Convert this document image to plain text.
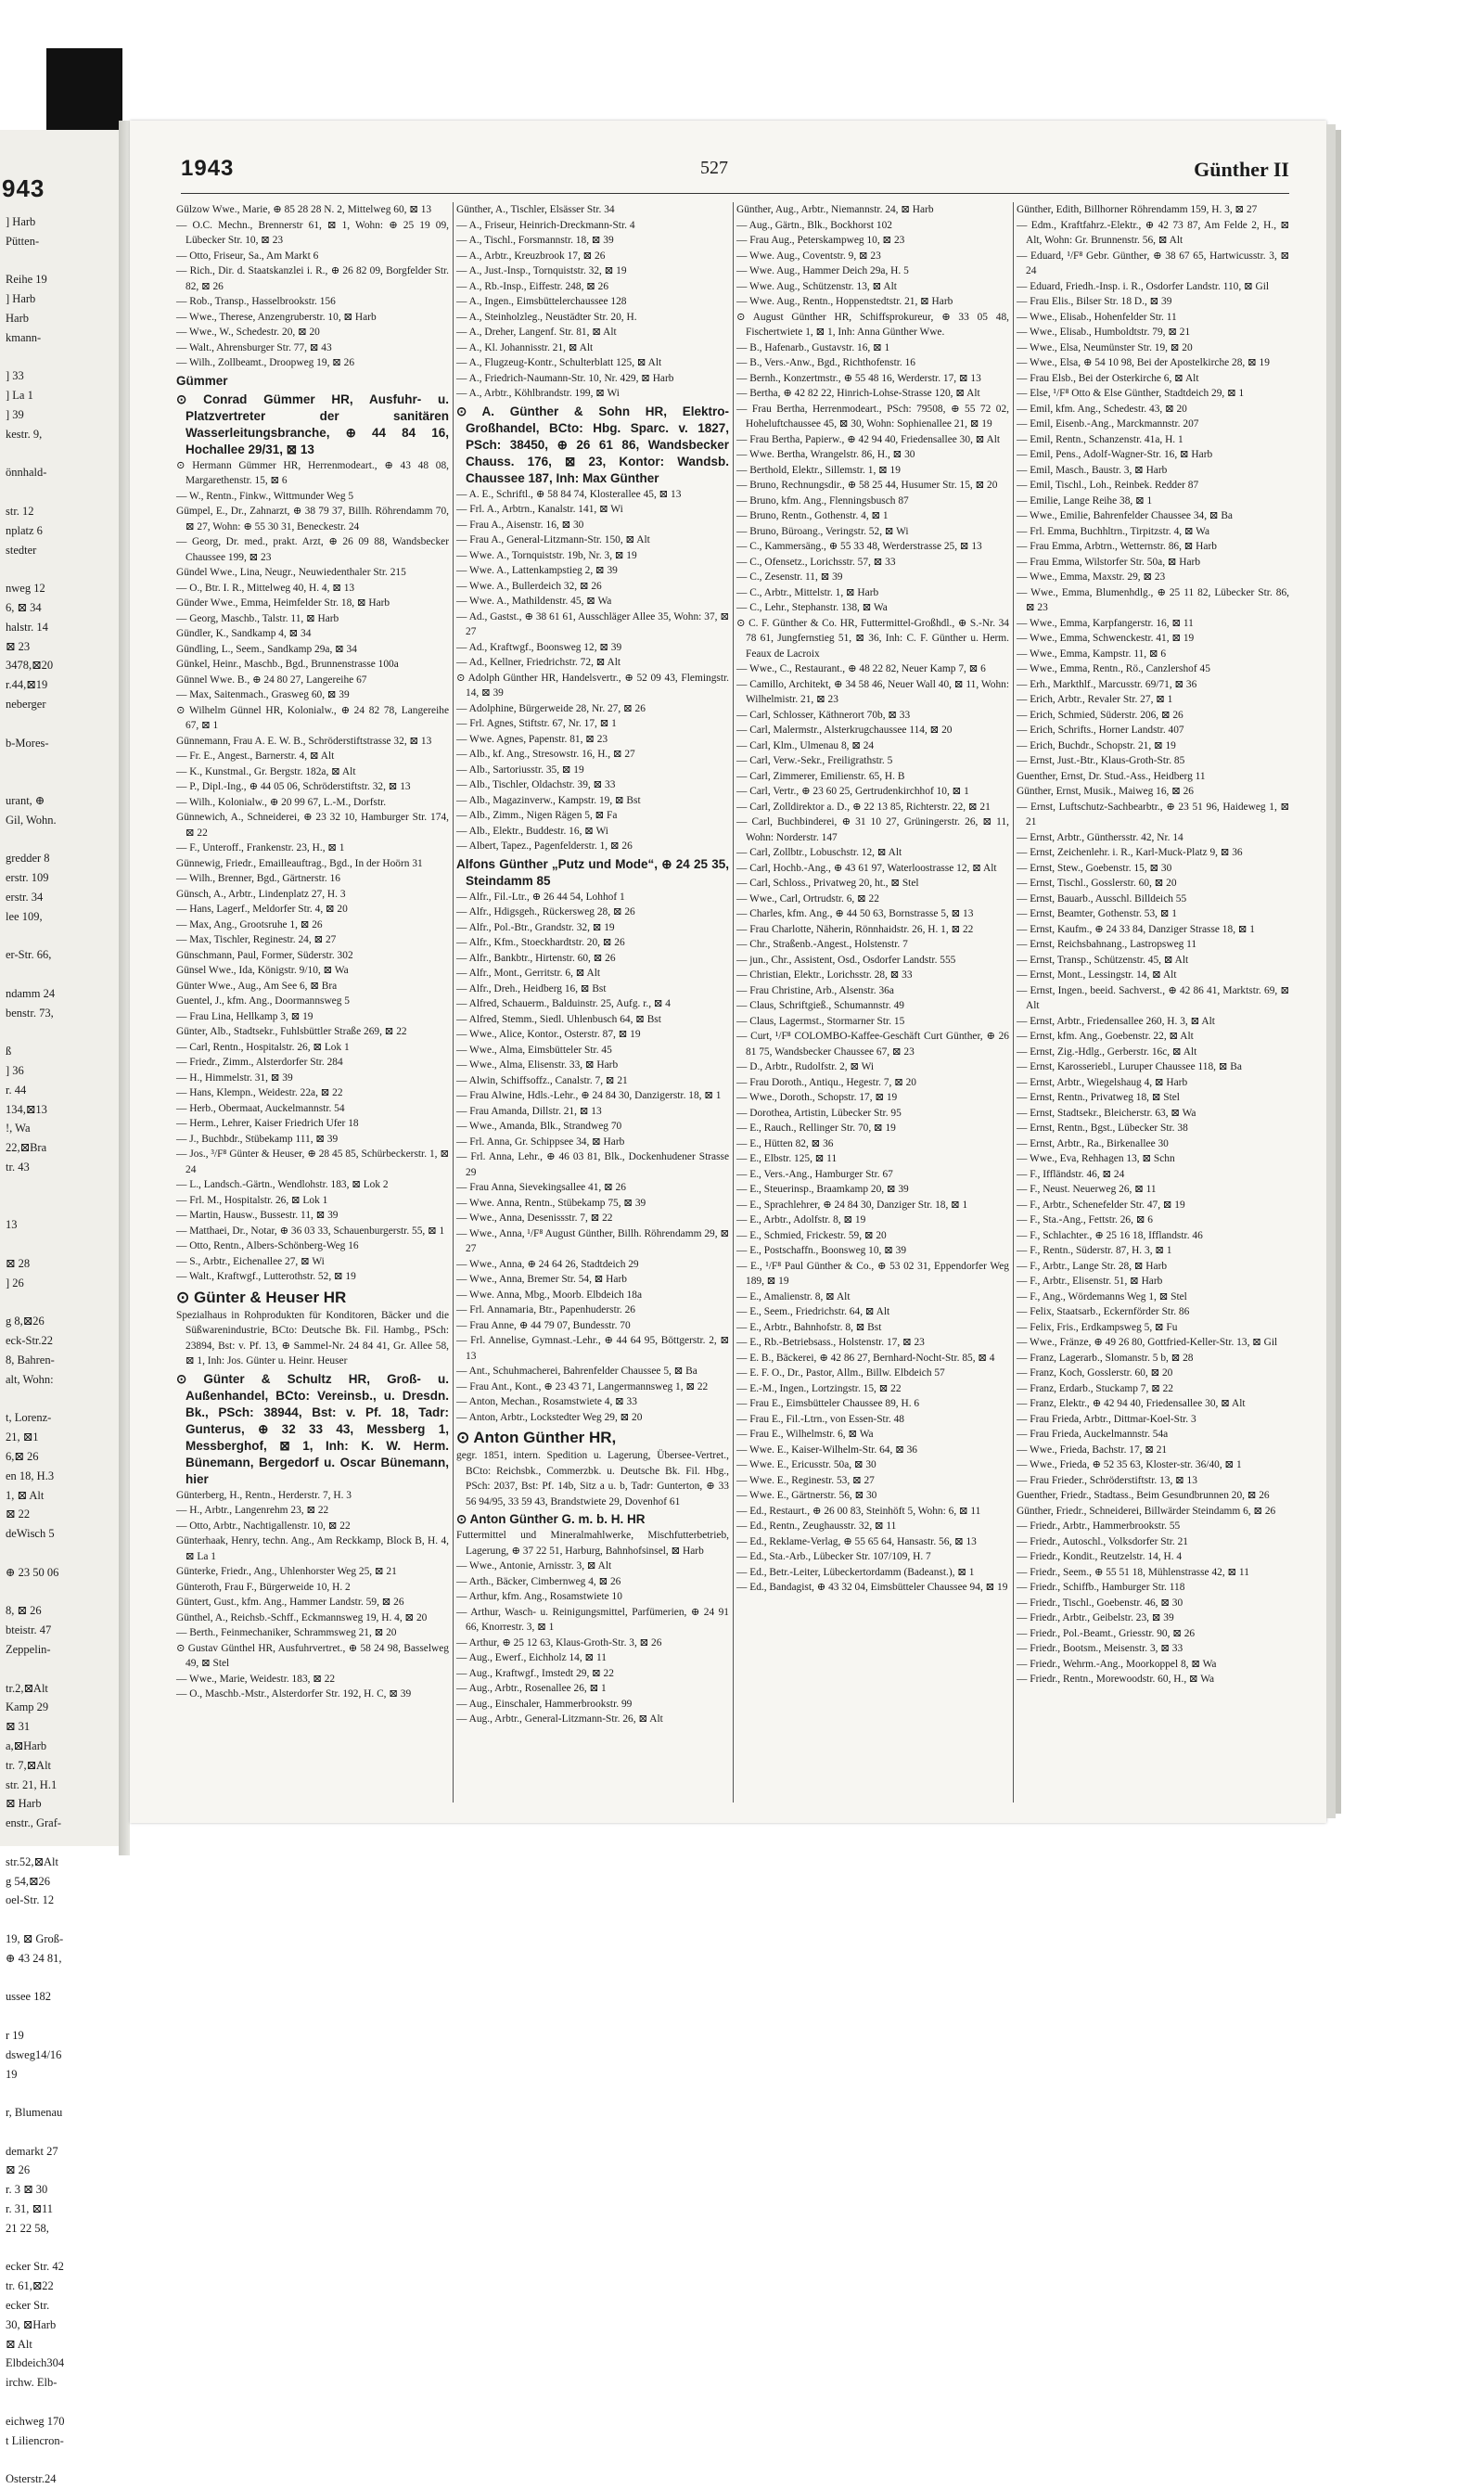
943
] Harb
Pütten-

Reihe 19
] Harb
Harb
kmann-

] 33
] La 1
] 39
kestr. 9,

önnhald-

str. 12
nplatz 6
stedter

nweg 12
6, ⊠ 34
halstr. 14
⊠ 23
3478,⊠20
r.44,⊠19
neberger

b-Mores-

urant, ⊕
Gil, Wohn.

gredder 8
erstr. 109
erstr. 34
lee 109,

er-Str. 66,

ndamm 24
benstr. 73,

ß
] 36
r. 44
134,⊠13
!, Wa
22,⊠Bra
tr. 43

13

⊠ 28
] 26

g 8,⊠26
eck-Str.22
8, Bahren-
alt, Wohn:

t, Lorenz-
21, ⊠1
6,⊠ 26
en 18, H.3
1, ⊠ Alt
⊠ 22
deWisch 5

⊕ 23 50 06

8, ⊠ 26
bteistr. 47
Zeppelin-

tr.2,⊠Alt
Kamp 29
⊠ 31
a,⊠Harb
tr. 7,⊠Alt
str. 21, H.1
⊠ Harb
enstr., Graf-

str.52,⊠Alt
g 54,⊠26
oel-Str. 12

19, ⊠ Groß-
⊕ 43 24 81,

ussee 182

r 19
dsweg14/16
19

r, Blumenau

demarkt 27
⊠ 26
r. 3 ⊠ 30
r. 31, ⊠11
21 22 58,

ecker Str. 42
tr. 61,⊠22
ecker Str.
30, ⊠Harb
⊠ Alt
Elbdeich304
irchw. Elb-

eichweg 170
t Liliencron-

Osterstr.24
1943	527	Günther II

Gülzow Wwe., Marie, ⊕ 85 28 28 N. 2, Mittelweg 60, ⊠ 13

— O.C. Mechn., Brennerstr 61, ⊠ 1, Wohn: ⊕ 25 19 09, Lübecker Str. 10, ⊠ 23

— Otto, Friseur, Sa., Am Markt 6

— Rich., Dir. d. Staatskanzlei i. R., ⊕ 26 82 09, Borgfelder Str. 82, ⊠ 26

— Rob., Transp., Hasselbrookstr. 156

— Wwe., Therese, Anzengruberstr. 10, ⊠ Harb

— Wwe., W., Schedestr. 20, ⊠ 20

— Walt., Ahrensburger Str. 77, ⊠ 43

— Wilh., Zollbeamt., Droopweg 19, ⊠ 26

Gümmer

⊙ Conrad Gümmer HR, Ausfuhr- u. Platzvertreter der sanitären Wasserleitungsbranche, ⊕ 44 84 16, Hochallee 29/31, ⊠ 13

⊙ Hermann Gümmer HR, Herrenmodeart., ⊕ 43 48 08, Margarethenstr. 15, ⊠ 6

— W., Rentn., Finkw., Wittmunder Weg 5

Gümpel, E., Dr., Zahnarzt, ⊕ 38 79 37, Billh. Röhrendamm 70, ⊠ 27, Wohn: ⊕ 55 30 31, Beneckestr. 24

— Georg, Dr. med., prakt. Arzt, ⊕ 26 09 88, Wandsbecker Chaussee 199, ⊠ 23

Gündel Wwe., Lina, Neugr., Neuwiedenthaler Str. 215

— O., Btr. I. R., Mittelweg 40, H. 4, ⊠ 13

Günder Wwe., Emma, Heimfelder Str. 18, ⊠ Harb

— Georg, Maschb., Talstr. 11, ⊠ Harb

Gündler, K., Sandkamp 4, ⊠ 34

Gündling, L., Seem., Sandkamp 29a, ⊠ 34

Günkel, Heinr., Maschb., Bgd., Brunnenstrasse 100a

Günnel Wwe. B., ⊕ 24 80 27, Langereihe 67

— Max, Saitenmach., Grasweg 60, ⊠ 39

⊙ Wilhelm Günnel HR, Kolonialw., ⊕ 24 82 78, Langereihe 67, ⊠ 1

Günnemann, Frau A. E. W. B., Schröderstiftstrasse 32, ⊠ 13

— Fr. E., Angest., Barnerstr. 4, ⊠ Alt

— K., Kunstmal., Gr. Bergstr. 182a, ⊠ Alt

— P., Dipl.-Ing., ⊕ 44 05 06, Schröderstiftstr. 32, ⊠ 13

— Wilh., Kolonialw., ⊕ 20 99 67, L.-M., Dorfstr.

Günnewich, A., Schneiderei, ⊕ 23 32 10, Hamburger Str. 174, ⊠ 22

— F., Unteroff., Frankenstr. 23, H., ⊠ 1

Günnewig, Friedr., Emailleauftrag., Bgd., In der Hoörn 31

— Wilh., Brenner, Bgd., Gärtnerstr. 16

Günsch, A., Arbtr., Lindenplatz 27, H. 3

— Hans, Lagerf., Meldorfer Str. 4, ⊠ 20

— Max, Ang., Grootsruhe 1, ⊠ 26

— Max, Tischler, Reginestr. 24, ⊠ 27

Günschmann, Paul, Former, Süderstr. 302

Günsel Wwe., Ida, Königstr. 9/10, ⊠ Wa

Günter Wwe., Aug., Am See 6, ⊠ Bra

Guentel, J., kfm. Ang., Doormannsweg 5

— Frau Lina, Hellkamp 3, ⊠ 19

Günter, Alb., Stadtsekr., Fuhlsbüttler Straße 269, ⊠ 22

— Carl, Rentn., Hospitalstr. 26, ⊠ Lok 1

— Friedr., Zimm., Alsterdorfer Str. 284

— H., Himmelstr. 31, ⊠ 39

— Hans, Klempn., Weidestr. 22a, ⊠ 22

— Herb., Obermaat, Auckelmannstr. 54

— Herm., Lehrer, Kaiser Friedrich Ufer 18

— J., Buchbdr., Stübekamp 111, ⊠ 39

— Jos., ³/F⁸ Günter & Heuser, ⊕ 28 45 85, Schürbeckerstr. 1, ⊠ 24

— L., Landsch.-Gärtn., Wendlohstr. 183, ⊠ Lok 2

— Frl. M., Hospitalstr. 26, ⊠ Lok 1

— Martin, Hausw., Bussestr. 11, ⊠ 39

— Matthaei, Dr., Notar, ⊕ 36 03 33, Schauenburgerstr. 55, ⊠ 1

— Otto, Rentn., Albers-Schönberg-Weg 16

— S., Arbtr., Eichenallee 27, ⊠ Wi

— Walt., Kraftwgf., Lutterothstr. 52, ⊠ 19

⊙ Günter & Heuser HR

Spezialhaus in Rohprodukten für Konditoren, Bäcker und die Süßwarenindustrie, BCto: Deutsche Bk. Fil. Hambg., PSch: 23894, Bst: v. Pf. 13, ⊕ Sammel-Nr. 24 84 41, Gr. Allee 58, ⊠ 1, Inh: Jos. Günter u. Heinr. Heuser

⊙ Günter & Schultz HR, Groß- u. Außenhandel, BCto: Vereinsb., u. Dresdn. Bk., PSch: 38944, Bst: v. Pf. 18, Tadr: Gunterus, ⊕ 32 33 43, Messberg 1, Messberghof, ⊠ 1, Inh: K. W. Herm. Bünemann, Bergedorf u. Oscar Bünemann, hier

Günterberg, H., Rentn., Herderstr. 7, H. 3

— H., Arbtr., Langenrehm 23, ⊠ 22

— Otto, Arbtr., Nachtigallenstr. 10, ⊠ 22

Günterhaak, Henry, techn. Ang., Am Reckkamp, Block B, H. 4, ⊠ La 1

Günterke, Friedr., Ang., Uhlenhorster Weg 25, ⊠ 21

Günteroth, Frau F., Bürgerweide 10, H. 2

Güntert, Gust., kfm. Ang., Hammer Landstr. 59, ⊠ 26

Günthel, A., Reichsb.-Schff., Eckmannsweg 19, H. 4, ⊠ 20

— Berth., Feinmechaniker, Schrammsweg 21, ⊠ 20

⊙ Gustav Günthel HR, Ausfuhrvertret., ⊕ 58 24 98, Basselweg 49, ⊠ Stel

— Wwe., Marie, Weidestr. 183, ⊠ 22

— O., Maschb.-Mstr., Alsterdorfer Str. 192, H. C, ⊠ 39

Günther, A., Tischler, Elsässer Str. 34

— A., Friseur, Heinrich-Dreckmann-Str. 4

— A., Tischl., Forsmannstr. 18, ⊠ 39

— A., Arbtr., Kreuzbrook 17, ⊠ 26

— A., Just.-Insp., Tornquiststr. 32, ⊠ 19

— A., Rb.-Insp., Eiffestr. 248, ⊠ 26

— A., Ingen., Eimsbüttelerchaussee 128

— A., Steinholzleg., Neustädter Str. 20, H.

— A., Dreher, Langenf. Str. 81, ⊠ Alt

— A., Kl. Johannisstr. 21, ⊠ Alt

— A., Flugzeug-Kontr., Schulterblatt 125, ⊠ Alt

— A., Friedrich-Naumann-Str. 10, Nr. 429, ⊠ Harb

— A., Arbtr., Köhlbrandstr. 199, ⊠ Wi

⊙ A. Günther & Sohn HR, Elektro-Großhandel, BCto: Hbg. Sparc. v. 1827, PSch: 38450, ⊕ 26 61 86, Wandsbecker Chauss. 176, ⊠ 23, Kontor: Wandsb. Chaussee 187, Inh: Max Günther

— A. E., Schriftl., ⊕ 58 84 74, Klosterallee 45, ⊠ 13

— Frl. A., Arbtrn., Kanalstr. 141, ⊠ Wi

— Frau A., Aisenstr. 16, ⊠ 30

— Frau A., General-Litzmann-Str. 150, ⊠ Alt

— Wwe. A., Tornquiststr. 19b, Nr. 3, ⊠ 19

— Wwe. A., Lattenkampstieg 2, ⊠ 39

— Wwe. A., Bullerdeich 32, ⊠ 26

— Wwe. A., Mathildenstr. 45, ⊠ Wa

— Ad., Gastst., ⊕ 38 61 61, Ausschläger Allee 35, Wohn: 37, ⊠ 27

— Ad., Kraftwgf., Boonsweg 12, ⊠ 39

— Ad., Kellner, Friedrichstr. 72, ⊠ Alt

⊙ Adolph Günther HR, Handelsvertr., ⊕ 52 09 43, Flemingstr. 14, ⊠ 39

— Adolphine, Bürgerweide 28, Nr. 27, ⊠ 26

— Frl. Agnes, Stiftstr. 67, Nr. 17, ⊠ 1

— Wwe. Agnes, Papenstr. 81, ⊠ 23

— Alb., kf. Ang., Stresowstr. 16, H., ⊠ 27

— Alb., Sartoriusstr. 35, ⊠ 19

— Alb., Tischler, Oldachstr. 39, ⊠ 33

— Alb., Magazinverw., Kampstr. 19, ⊠ Bst

— Alb., Zimm., Nigen Rägen 5, ⊠ Fa

— Alb., Elektr., Buddestr. 16, ⊠ Wi

— Albert, Tapez., Pagenfelderstr. 1, ⊠ 26

Alfons Günther „Putz und Mode“, ⊕ 24 25 35, Steindamm 85

— Alfr., Fil.-Ltr., ⊕ 26 44 54, Lohhof 1

— Alfr., Hdigsgeh., Rückersweg 28, ⊠ 26

— Alfr., Pol.-Btr., Grandstr. 32, ⊠ 19

— Alfr., Kfm., Stoeckhardtstr. 20, ⊠ 26

— Alfr., Bankbtr., Hirtenstr. 60, ⊠ 26

— Alfr., Mont., Gerritstr. 6, ⊠ Alt

— Alfr., Dreh., Heidberg 16, ⊠ Bst

— Alfred, Schauerm., Balduinstr. 25, Aufg. r., ⊠ 4

— Alfred, Stemm., Siedl. Uhlenbusch 64, ⊠ Bst

— Wwe., Alice, Kontor., Osterstr. 87, ⊠ 19

— Wwe., Alma, Eimsbütteler Str. 45

— Wwe., Alma, Elisenstr. 33, ⊠ Harb

— Alwin, Schiffsoffz., Canalstr. 7, ⊠ 21

— Frau Alwine, Hdls.-Lehr., ⊕ 24 84 30, Danzigerstr. 18, ⊠ 1

— Frau Amanda, Dillstr. 21, ⊠ 13

— Wwe., Amanda, Blk., Strandweg 70

— Frl. Anna, Gr. Schippsee 34, ⊠ Harb

— Frl. Anna, Lehr., ⊕ 46 03 81, Blk., Dockenhudener Strasse 29

— Frau Anna, Sievekingsallee 41, ⊠ 26

— Wwe. Anna, Rentn., Stübekamp 75, ⊠ 39

— Wwe., Anna, Desenissstr. 7, ⊠ 22

— Wwe., Anna, ¹/F⁸ August Günther, Billh. Röhrendamm 29, ⊠ 27

— Wwe., Anna, ⊕ 24 64 26, Stadtdeich 29

— Wwe., Anna, Bremer Str. 54, ⊠ Harb

— Wwe. Anna, Mbg., Moorb. Elbdeich 18a

— Frl. Annamaria, Btr., Papenhuderstr. 26

— Frau Anne, ⊕ 44 79 07, Bundesstr. 70

— Frl. Annelise, Gymnast.-Lehr., ⊕ 44 64 95, Böttgerstr. 2, ⊠ 13

— Ant., Schuhmacherei, Bahrenfelder Chaussee 5, ⊠ Ba

— Frau Ant., Kont., ⊕ 23 43 71, Langermannsweg 1, ⊠ 22

— Anton, Mechan., Rosamstwiete 4, ⊠ 33

— Anton, Arbtr., Lockstedter Weg 29, ⊠ 20

⊙ Anton Günther HR,

gegr. 1851, intern. Spedition u. Lagerung, Übersee-Vertret., BCto: Reichsbk., Commerzbk. u. Deutsche Bk. Fil. Hbg., PSch: 2037, Bst: Pf. 14b, Sitz a u. b, Tadr: Gunterton, ⊕ 33 56 94/95, 33 59 43, Brandstwiete 29, Dovenhof 61

⊙ Anton Günther G. m. b. H. HR

Futtermittel und Mineralmahlwerke, Mischfutterbetrieb, Lagerung, ⊕ 37 22 51, Harburg, Bahnhofsinsel, ⊠ Harb

— Wwe., Antonie, Arnisstr. 3, ⊠ Alt

— Arth., Bäcker, Cimbernweg 4, ⊠ 26

— Arthur, kfm. Ang., Rosamstwiete 10

— Arthur, Wasch- u. Reinigungsmittel, Parfümerien, ⊕ 24 91 66, Knorrestr. 3, ⊠ 1

— Arthur, ⊕ 25 12 63, Klaus-Groth-Str. 3, ⊠ 26

— Aug., Ewerf., Eichholz 14, ⊠ 11

— Aug., Kraftwgf., Imstedt 29, ⊠ 22

— Aug., Arbtr., Rosenallee 26, ⊠ 1

— Aug., Einschaler, Hammerbrookstr. 99

— Aug., Arbtr., General-Litzmann-Str. 26, ⊠ Alt

Günther, Aug., Arbtr., Niemannstr. 24, ⊠ Harb

— Aug., Gärtn., Blk., Bockhorst 102

— Frau Aug., Peterskampweg 10, ⊠ 23

— Wwe. Aug., Coventstr. 9, ⊠ 23

— Wwe. Aug., Hammer Deich 29a, H. 5

— Wwe. Aug., Schützenstr. 13, ⊠ Alt

— Wwe. Aug., Rentn., Hoppenstedtstr. 21, ⊠ Harb

⊙ August Günther HR, Schiffsprokureur, ⊕ 33 05 48, Fischertwiete 1, ⊠ 1, Inh: Anna Günther Wwe.

— B., Hafenarb., Gustavstr. 16, ⊠ 1

— B., Vers.-Anw., Bgd., Richthofenstr. 16

— Bernh., Konzertmstr., ⊕ 55 48 16, Werderstr. 17, ⊠ 13

— Bertha, ⊕ 42 82 22, Hinrich-Lohse-Strasse 120, ⊠ Alt

— Frau Bertha, Herrenmodeart., PSch: 79508, ⊕ 55 72 02, Hoheluftchaussee 45, ⊠ 30, Wohn: Sophienallee 21, ⊠ 19

— Frau Bertha, Papierw., ⊕ 42 94 40, Friedensallee 30, ⊠ Alt

— Wwe. Bertha, Wrangelstr. 86, H., ⊠ 30

— Berthold, Elektr., Sillemstr. 1, ⊠ 19

— Bruno, Rechnungsdir., ⊕ 58 25 44, Husumer Str. 15, ⊠ 20

— Bruno, kfm. Ang., Flenningsbusch 87

— Bruno, Rentn., Gothenstr. 4, ⊠ 1

— Bruno, Büroang., Veringstr. 52, ⊠ Wi

— C., Kammersäng., ⊕ 55 33 48, Werderstrasse 25, ⊠ 13

— C., Ofensetz., Lorichsstr. 57, ⊠ 33

— C., Zesenstr. 11, ⊠ 39

— C., Arbtr., Mittelstr. 1, ⊠ Harb

— C., Lehr., Stephanstr. 138, ⊠ Wa

⊙ C. F. Günther & Co. HR, Futtermittel-Großhdl., ⊕ S.-Nr. 34 78 61, Jungfernstieg 51, ⊠ 36, Inh: C. F. Günther u. Herm. Feaux de Lacroix

— Wwe., C., Restaurant., ⊕ 48 22 82, Neuer Kamp 7, ⊠ 6

— Camillo, Architekt, ⊕ 34 58 46, Neuer Wall 40, ⊠ 11, Wohn: Wilhelmistr. 21, ⊠ 23

— Carl, Schlosser, Käthnerort 70b, ⊠ 33

— Carl, Malermstr., Alsterkrugchaussee 114, ⊠ 20

— Carl, Klm., Ulmenau 8, ⊠ 24

— Carl, Verw.-Sekr., Freiligrathstr. 5

— Carl, Zimmerer, Emilienstr. 65, H. B

— Carl, Vertr., ⊕ 23 60 25, Gertrudenkirchhof 10, ⊠ 1

— Carl, Zolldirektor a. D., ⊕ 22 13 85, Richterstr. 22, ⊠ 21

— Carl, Buchbinderei, ⊕ 31 10 27, Grüningerstr. 26, ⊠ 11, Wohn: Norderstr. 147

— Carl, Zollbtr., Lobuschstr. 12, ⊠ Alt

— Carl, Hochb.-Ang., ⊕ 43 61 97, Waterloostrasse 12, ⊠ Alt

— Carl, Schloss., Privatweg 20, ht., ⊠ Stel

— Wwe., Carl, Ortrudstr. 6, ⊠ 22

— Charles, kfm. Ang., ⊕ 44 50 63, Bornstrasse 5, ⊠ 13

— Frau Charlotte, Näherin, Rönnhaidstr. 26, H. 1, ⊠ 22

— Chr., Straßenb.-Angest., Holstenstr. 7

— jun., Chr., Assistent, Osd., Osdorfer Landstr. 555

— Christian, Elektr., Lorichsstr. 28, ⊠ 33

— Frau Christine, Arb., Alsenstr. 36a

— Claus, Schriftgieß., Schumannstr. 49

— Claus, Lagermst., Stormarner Str. 15

— Curt, ¹/F⁸ COLOMBO-Kaffee-Geschäft Curt Günther, ⊕ 26 81 75, Wandsbecker Chaussee 67, ⊠ 23

— D., Arbtr., Rudolfstr. 2, ⊠ Wi

— Frau Doroth., Antiqu., Hegestr. 7, ⊠ 20

— Wwe., Doroth., Schopstr. 17, ⊠ 19

— Dorothea, Artistin, Lübecker Str. 95

— E., Rauch., Rellinger Str. 70, ⊠ 19

— E., Hütten 82, ⊠ 36

— E., Elbstr. 125, ⊠ 11

— E., Vers.-Ang., Hamburger Str. 67

— E., Steuerinsp., Braamkamp 20, ⊠ 39

— E., Sprachlehrer, ⊕ 24 84 30, Danziger Str. 18, ⊠ 1

— E., Arbtr., Adolfstr. 8, ⊠ 19

— E., Schmied, Frickestr. 59, ⊠ 20

— E., Postschaffn., Boonsweg 10, ⊠ 39

— E., ¹/F⁸ Paul Günther & Co., ⊕ 53 02 31, Eppendorfer Weg 189, ⊠ 19

— E., Amalienstr. 8, ⊠ Alt

— E., Seem., Friedrichstr. 64, ⊠ Alt

— E., Arbtr., Bahnhofstr. 8, ⊠ Bst

— E., Rb.-Betriebsass., Holstenstr. 17, ⊠ 23

— E. B., Bäckerei, ⊕ 42 86 27, Bernhard-Nocht-Str. 85, ⊠ 4

— E. F. O., Dr., Pastor, Allm., Billw. Elbdeich 57

— E.-M., Ingen., Lortzingstr. 15, ⊠ 22

— Frau E., Eimsbütteler Chaussee 89, H. 6

— Frau E., Fil.-Ltrn., von Essen-Str. 48

— Frau E., Wilhelmstr. 6, ⊠ Wa

— Wwe. E., Kaiser-Wilhelm-Str. 64, ⊠ 36

— Wwe. E., Ericusstr. 50a, ⊠ 30

— Wwe. E., Reginestr. 53, ⊠ 27

— Wwe. E., Gärtnerstr. 56, ⊠ 30

— Ed., Restaurt., ⊕ 26 00 83, Steinhöft 5, Wohn: 6, ⊠ 11

— Ed., Rentn., Zeughausstr. 32, ⊠ 11

— Ed., Reklame-Verlag, ⊕ 55 65 64, Hansastr. 56, ⊠ 13

— Ed., Sta.-Arb., Lübecker Str. 107/109, H. 7

— Ed., Betr.-Leiter, Lübeckertordamm (Badeanst.), ⊠ 1

— Ed., Bandagist, ⊕ 43 32 04, Eimsbütteler Chaussee 94, ⊠ 19

Günther, Edith, Billhorner Röhrendamm 159, H. 3, ⊠ 27

— Edm., Kraftfahrz.-Elektr., ⊕ 42 73 87, Am Felde 2, H., ⊠ Alt, Wohn: Gr. Brunnenstr. 56, ⊠ Alt

— Eduard, ¹/F⁸ Gebr. Günther, ⊕ 38 67 65, Hartwicusstr. 3, ⊠ 24

— Eduard, Friedh.-Insp. i. R., Osdorfer Landstr. 110, ⊠ Gil

— Frau Elis., Bilser Str. 18 D., ⊠ 39

— Wwe., Elisab., Hohenfelder Str. 11

— Wwe., Elisab., Humboldtstr. 79, ⊠ 21

— Wwe., Elsa, Neumünster Str. 19, ⊠ 20

— Wwe., Elsa, ⊕ 54 10 98, Bei der Apostelkirche 28, ⊠ 19

— Frau Elsb., Bei der Osterkirche 6, ⊠ Alt

— Else, ¹/F⁸ Otto & Else Günther, Stadtdeich 29, ⊠ 1

— Emil, kfm. Ang., Schedestr. 43, ⊠ 20

— Emil, Eisenb.-Ang., Marckmannstr. 207

— Emil, Rentn., Schanzenstr. 41a, H. 1

— Emil, Pens., Adolf-Wagner-Str. 16, ⊠ Harb

— Emil, Masch., Baustr. 3, ⊠ Harb

— Emil, Tischl., Loh., Reinbek. Redder 87

— Emilie, Lange Reihe 38, ⊠ 1

— Wwe., Emilie, Bahrenfelder Chaussee 34, ⊠ Ba

— Frl. Emma, Buchhltrn., Tirpitzstr. 4, ⊠ Wa

— Frau Emma, Arbtrn., Wetternstr. 86, ⊠ Harb

— Frau Emma, Wilstorfer Str. 50a, ⊠ Harb

— Wwe., Emma, Maxstr. 29, ⊠ 23

— Wwe., Emma, Blumenhdlg., ⊕ 25 11 82, Lübecker Str. 86, ⊠ 23

— Wwe., Emma, Karpfangerstr. 16, ⊠ 11

— Wwe., Emma, Schwenckestr. 41, ⊠ 19

— Wwe., Emma, Kampstr. 11, ⊠ 6

— Wwe., Emma, Rentn., Rö., Canzlershof 45

— Erh., Markthlf., Marcusstr. 69/71, ⊠ 36

— Erich, Arbtr., Revaler Str. 27, ⊠ 1

— Erich, Schmied, Süderstr. 206, ⊠ 26

— Erich, Schrifts., Horner Landstr. 407

— Erich, Buchdr., Schopstr. 21, ⊠ 19

— Ernst, Just.-Btr., Klaus-Groth-Str. 85

Guenther, Ernst, Dr. Stud.-Ass., Heidberg 11

Günther, Ernst, Musik., Maiweg 16, ⊠ 26

— Ernst, Luftschutz-Sachbearbtr., ⊕ 23 51 96, Haideweg 1, ⊠ 21

— Ernst, Arbtr., Günthersstr. 42, Nr. 14

— Ernst, Zeichenlehr. i. R., Karl-Muck-Platz 9, ⊠ 36

— Ernst, Stew., Goebenstr. 15, ⊠ 30

— Ernst, Tischl., Gosslerstr. 60, ⊠ 20

— Ernst, Bauarb., Ausschl. Billdeich 55

— Ernst, Beamter, Gothenstr. 53, ⊠ 1

— Ernst, Kaufm., ⊕ 24 33 84, Danziger Strasse 18, ⊠ 1

— Ernst, Reichsbahnang., Lastropsweg 11

— Ernst, Transp., Schützenstr. 45, ⊠ Alt

— Ernst, Mont., Lessingstr. 14, ⊠ Alt

— Ernst, Ingen., beeid. Sachverst., ⊕ 42 86 41, Marktstr. 69, ⊠ Alt

— Ernst, Arbtr., Friedensallee 260, H. 3, ⊠ Alt

— Ernst, kfm. Ang., Goebenstr. 22, ⊠ Alt

— Ernst, Zig.-Hdlg., Gerberstr. 16c, ⊠ Alt

— Ernst, Karosseriebl., Luruper Chaussee 118, ⊠ Ba

— Ernst, Arbtr., Wiegelshaug 4, ⊠ Harb

— Ernst, Rentn., Privatweg 18, ⊠ Stel

— Ernst, Stadtsekr., Bleicherstr. 63, ⊠ Wa

— Ernst, Rentn., Bgst., Lübecker Str. 38

— Ernst, Arbtr., Ra., Birkenallee 30

— Wwe., Eva, Rehhagen 13, ⊠ Schn

— F., Iffländstr. 46, ⊠ 24

— F., Neust. Neuerweg 26, ⊠ 11

— F., Arbtr., Schenefelder Str. 47, ⊠ 19

— F., Sta.-Ang., Fettstr. 26, ⊠ 6

— F., Schlachter., ⊕ 25 16 18, Ifflandstr. 46

— F., Rentn., Süderstr. 87, H. 3, ⊠ 1

— F., Arbtr., Lange Str. 28, ⊠ Harb

— F., Arbtr., Elisenstr. 51, ⊠ Harb

— F., Ang., Wördemanns Weg 1, ⊠ Stel

— Felix, Staatsarb., Eckernförder Str. 86

— Felix, Fris., Erdkampsweg 5, ⊠ Fu

— Wwe., Fränze, ⊕ 49 26 80, Gottfried-Keller-Str. 13, ⊠ Gil

— Franz, Lagerarb., Slomanstr. 5 b, ⊠ 28

— Franz, Koch, Gosslerstr. 60, ⊠ 20

— Franz, Erdarb., Stuckamp 7, ⊠ 22

— Franz, Elektr., ⊕ 42 94 40, Friedensallee 30, ⊠ Alt

— Frau Frieda, Arbtr., Dittmar-Koel-Str. 3

— Frau Frieda, Auckelmannstr. 54a

— Wwe., Frieda, Bachstr. 17, ⊠ 21

— Wwe., Frieda, ⊕ 52 35 63, Kloster-str. 36/40, ⊠ 1

— Frau Frieder., Schröderstiftstr. 13, ⊠ 13

Guenther, Friedr., Stadtass., Beim Gesundbrunnen 20, ⊠ 26

Günther, Friedr., Schneiderei, Billwärder Steindamm 6, ⊠ 26

— Friedr., Arbtr., Hammerbrookstr. 55

— Friedr., Autoschl., Volksdorfer Str. 21

— Friedr., Kondit., Reutzelstr. 14, H. 4

— Friedr., Seem., ⊕ 55 51 18, Mühlenstrasse 42, ⊠ 11

— Friedr., Schiffb., Hamburger Str. 118

— Friedr., Tischl., Goebenstr. 46, ⊠ 30

— Friedr., Arbtr., Geibelstr. 23, ⊠ 39

— Friedr., Pol.-Beamt., Griesstr. 90, ⊠ 26

— Friedr., Bootsm., Meisenstr. 3, ⊠ 33

— Friedr., Wehrm.-Ang., Moorkoppel 8, ⊠ Wa

— Friedr., Rentn., Morewoodstr. 60, H., ⊠ Wa
